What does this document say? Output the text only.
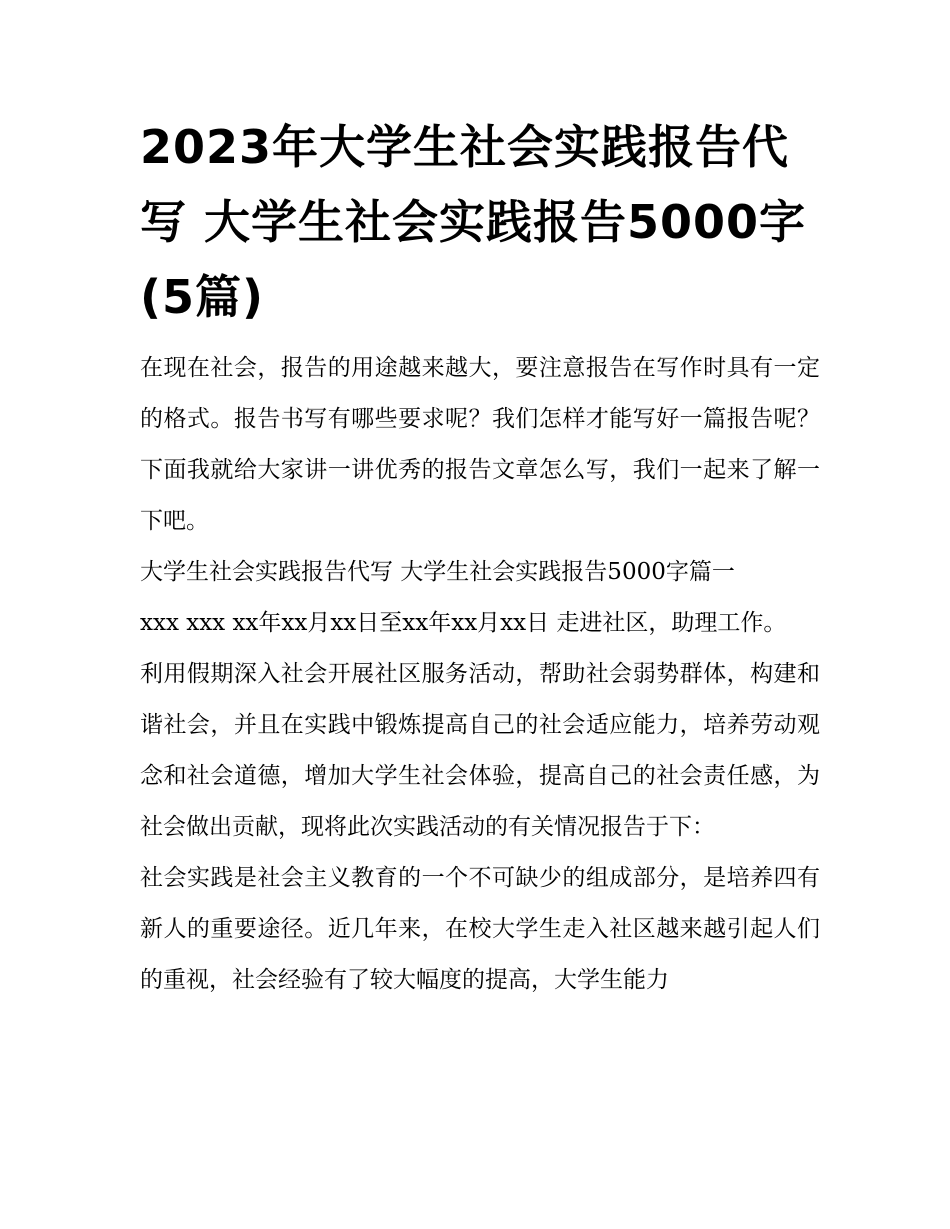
2023年大学生社会实践报告代写 大学生社会实践报告5000字(5篇)

在现在社会，报告的用途越来越大，要注意报告在写作时具有一定的格式。报告书写有哪些要求呢？我们怎样才能写好一篇报告呢？下面我就给大家讲一讲优秀的报告文章怎么写，我们一起来了解一下吧。

大学生社会实践报告代写 大学生社会实践报告5000字篇一

xxx xxx xx年xx月xx日至xx年xx月xx日 走进社区，助理工作。

利用假期深入社会开展社区服务活动，帮助社会弱势群体，构建和谐社会，并且在实践中锻炼提高自己的社会适应能力，培养劳动观念和社会道德，增加大学生社会体验，提高自己的社会责任感，为社会做出贡献，现将此次实践活动的有关情况报告于下：

社会实践是社会主义教育的一个不可缺少的组成部分，是培养四有新人的重要途径。近几年来，在校大学生走入社区越来越引起人们的重视，社会经验有了较大幅度的提高，大学生能力
